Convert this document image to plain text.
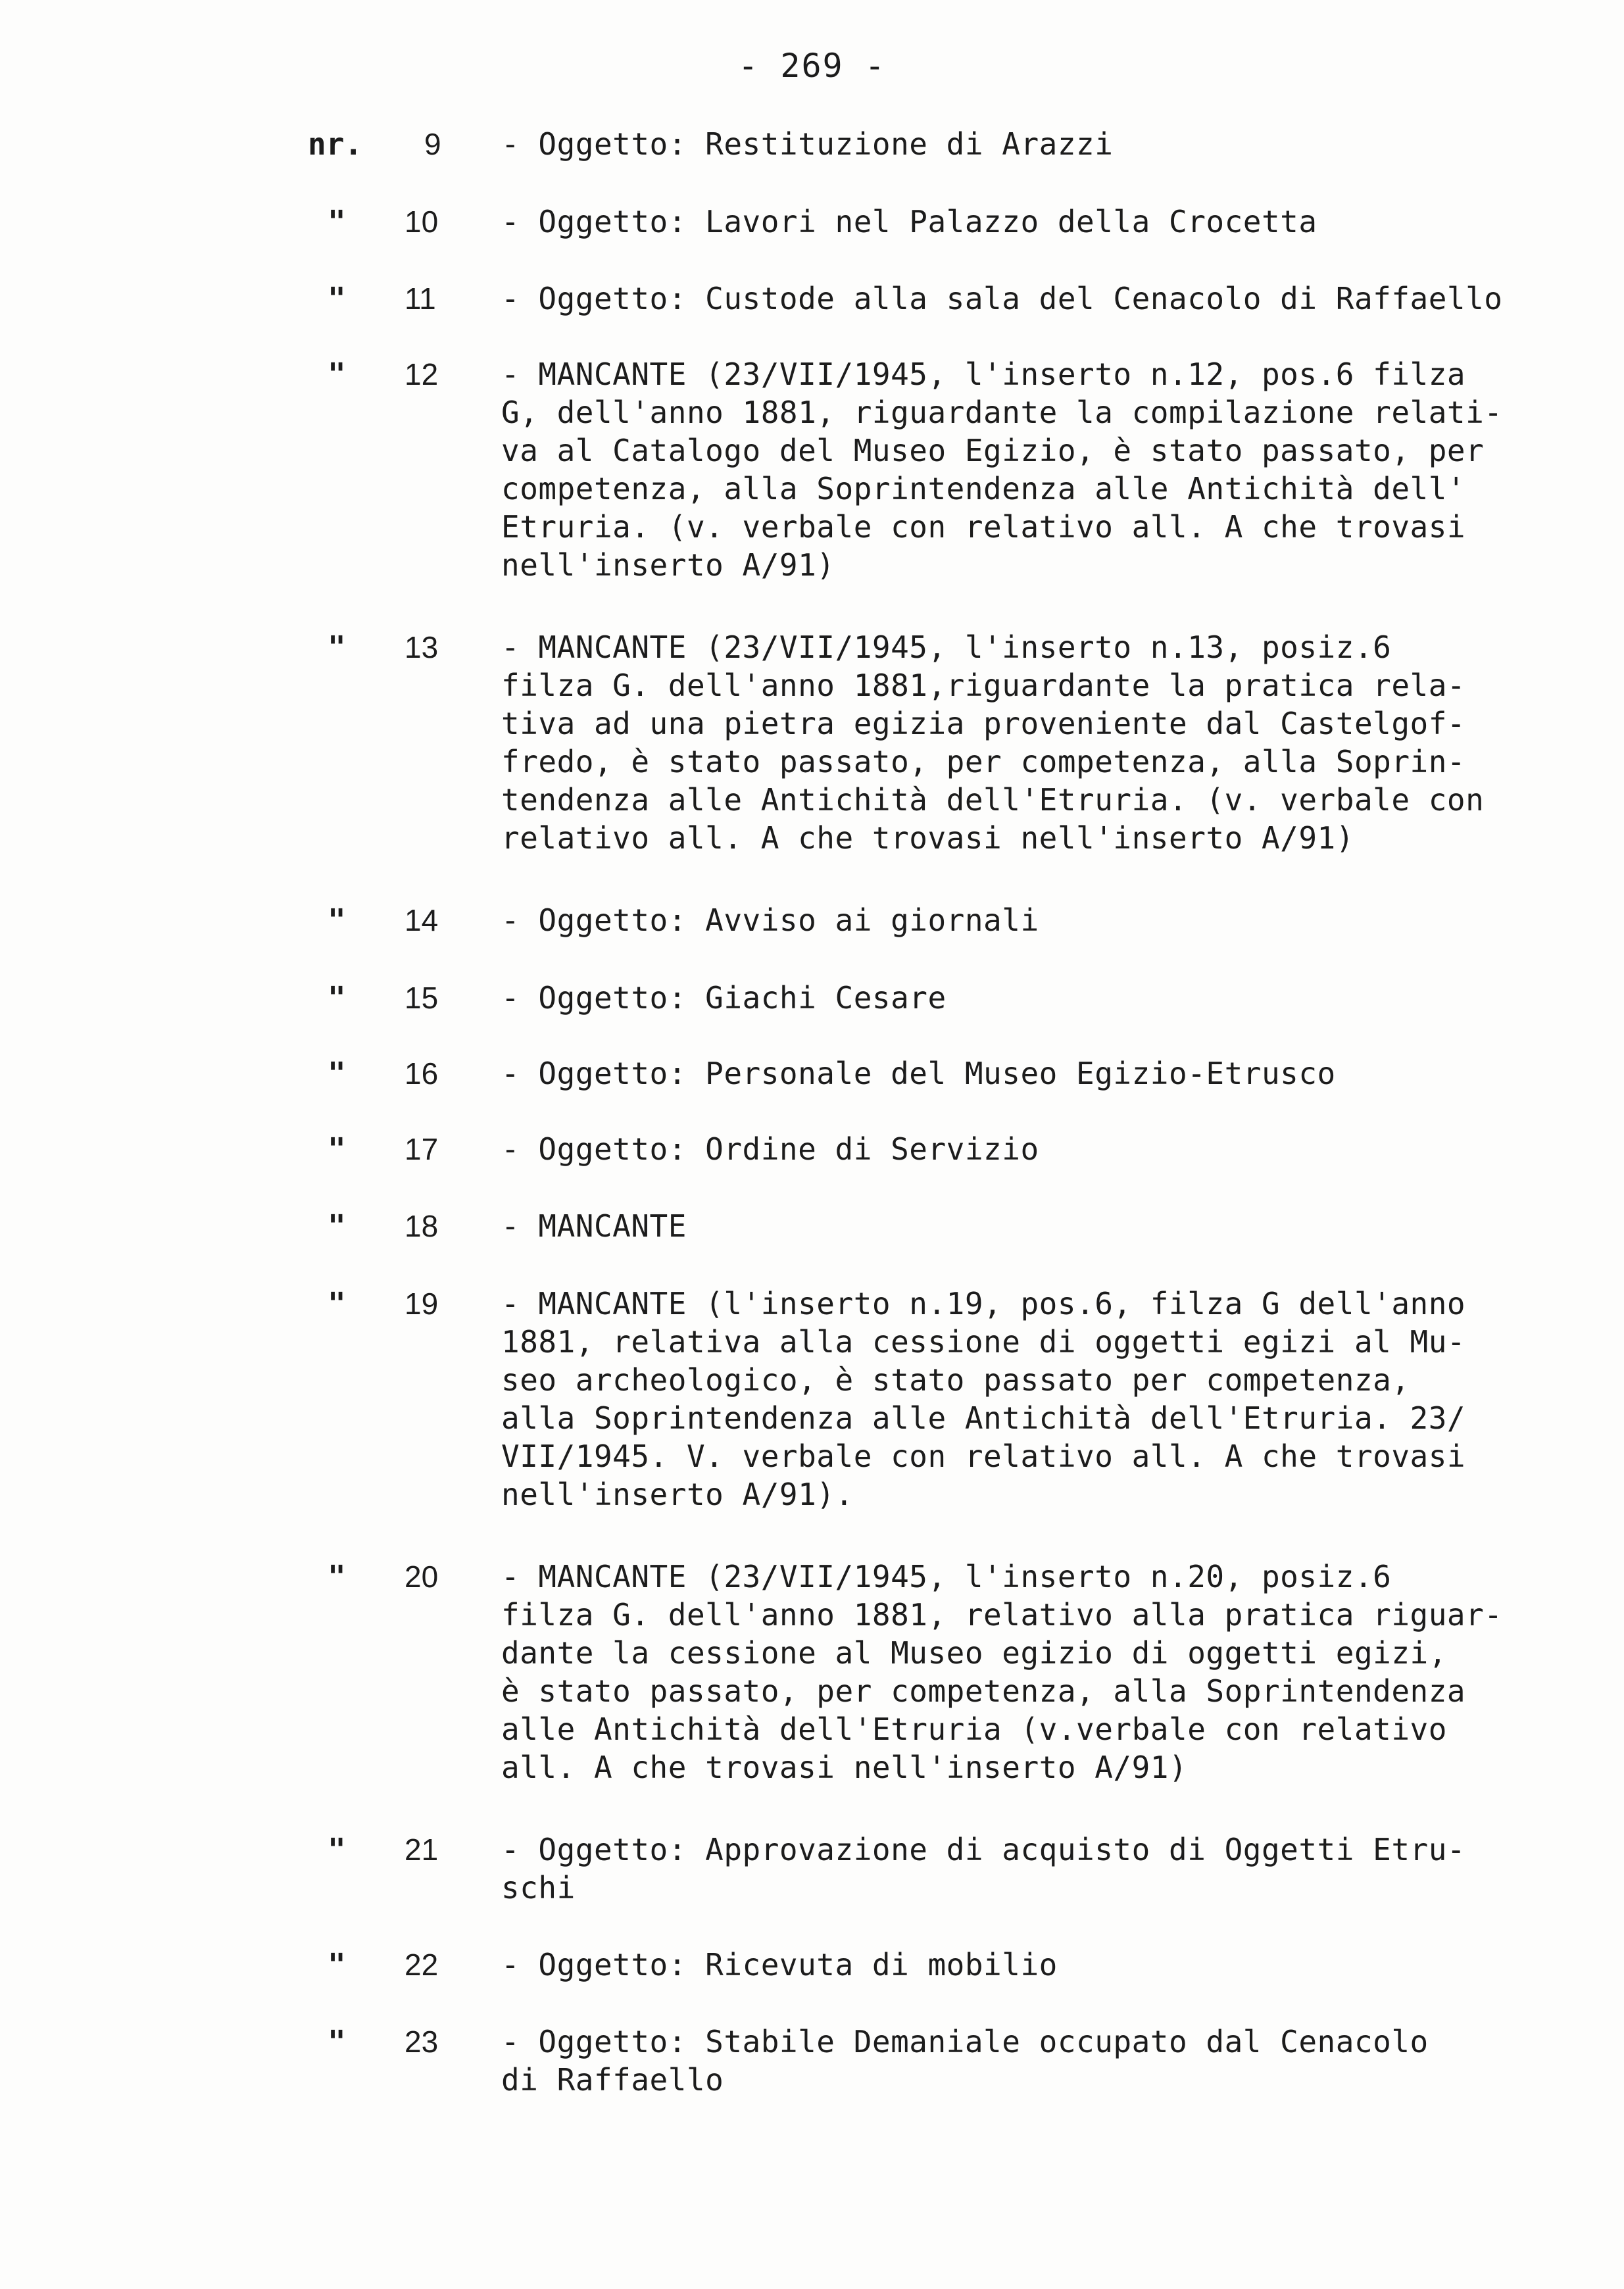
- 269 -
nr.	9	- Oggetto: Restituzione di Arazzi
"	10	- Oggetto: Lavori nel Palazzo della Crocetta
"	11	- Oggetto: Custode alla sala del Cenacolo di Raffaello
"	12	- MANCANTE (23/VII/1945, l'inserto n.12, pos.6 filza
G, dell'anno 1881, riguardante la compilazione relati-
va al Catalogo del Museo Egizio, è stato passato, per
competenza, alla Soprintendenza alle Antichità dell'
Etruria. (v. verbale con relativo all. A che trovasi
nell'inserto A/91)
"	13	- MANCANTE (23/VII/1945, l'inserto n.13, posiz.6
filza G. dell'anno 1881,riguardante la pratica rela-
tiva ad una pietra egizia proveniente dal Castelgof-
fredo, è stato passato, per competenza, alla Soprin-
tendenza alle Antichità dell'Etruria. (v. verbale con
relativo all. A che trovasi nell'inserto A/91)
"	14	- Oggetto: Avviso ai giornali
"	15	- Oggetto: Giachi Cesare
"	16	- Oggetto: Personale del Museo Egizio-Etrusco
"	17	- Oggetto: Ordine di Servizio
"	18	- MANCANTE
"	19	- MANCANTE (l'inserto n.19, pos.6, filza G dell'anno
1881, relativa alla cessione di oggetti egizi al Mu-
seo archeologico, è stato passato per competenza,
alla Soprintendenza alle Antichità dell'Etruria. 23/
VII/1945. V. verbale con relativo all. A che trovasi
nell'inserto A/91).
"	20	- MANCANTE (23/VII/1945, l'inserto n.20, posiz.6
filza G. dell'anno 1881, relativo alla pratica riguar-
dante la cessione al Museo egizio di oggetti egizi,
è stato passato, per competenza, alla Soprintendenza
alle Antichità dell'Etruria (v.verbale con relativo
all. A che trovasi nell'inserto A/91)
"	21	- Oggetto: Approvazione di acquisto di Oggetti Etru-
schi
"	22	- Oggetto: Ricevuta di mobilio
"	23	- Oggetto: Stabile Demaniale occupato dal Cenacolo
di Raffaello
